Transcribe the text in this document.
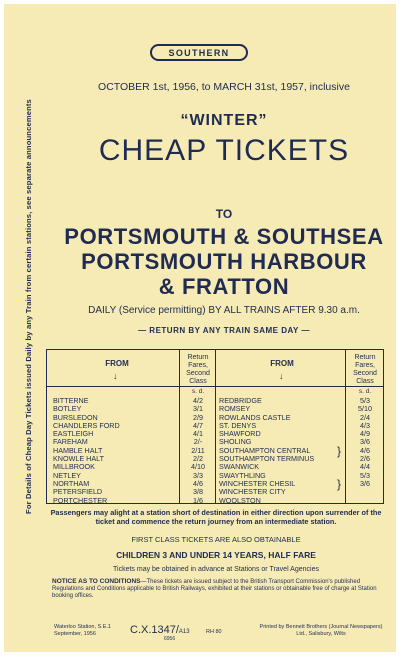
For Details of Cheap Day Tickets issued Daily by any Train from certain stations, see separate announcements
SOUTHERN
OCTOBER 1st, 1956, to MARCH 31st, 1957, inclusive
“WINTER”
CHEAP TICKETS
TO
PORTSMOUTH & SOUTHSEA
PORTSMOUTH HARBOUR
& FRATTON
DAILY (Service permitting) BY ALL TRAINS AFTER 9.30 a.m.
— RETURN BY ANY TRAIN SAME DAY —
FROM
↓
Return Fares, Second Class
FROM
↓
Return Fares, Second Class
s. d.	s. d.
BITTERNE
BOTLEY
BURSLEDON
CHANDLERS FORD
EASTLEIGH
FAREHAM
HAMBLE HALT
KNOWLE HALT
MILLBROOK
NETLEY
NORTHAM
PETERSFIELD
PORTCHESTER
4/2
3/1
2/9
4/7
4/1
2/-
2/11
2/2
4/10
3/3
4/6
3/8
1/6
REDBRIDGE
ROMSEY
ROWLANDS CASTLE
ST. DENYS
SHAWFORD
SHOLING
SOUTHAMPTON CENTRAL
SOUTHAMPTON TERMINUS
SWANWICK
SWAYTHLING
WINCHESTER CHESIL
WINCHESTER CITY
WOOLSTON
}
}
5/3
5/10
2/4
4/3
4/9
3/6
4/6
2/6
4/4
5/3
3/6
Passengers may alight at a station short of destination in either direction upon surrender of the ticket and commence the return journey from an intermediate station.
FIRST CLASS TICKETS ARE ALSO OBTAINABLE
CHILDREN 3 AND UNDER 14 YEARS, HALF FARE
Tickets may be obtained in advance at Stations or Travel Agencies
NOTICE AS TO CONDITIONS—These tickets are issued subject to the British Transport Commission's published Regulations and Conditions applicable to British Railways, exhibited at their stations or obtainable free of charge at Station booking offices.
Waterloo Station, S.E.1
September, 1956	C.X.1347/A13
6956
RH 80
Printed by Bennett Brothers (Journal Newspapers)
Ltd., Salisbury, Wilts
